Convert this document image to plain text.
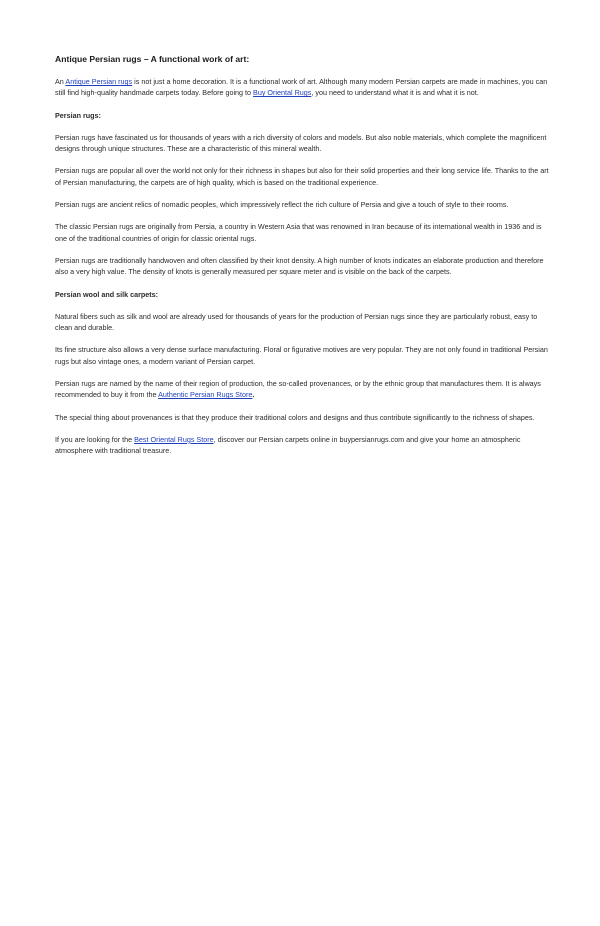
Antique Persian rugs – A functional work of art:

An Antique Persian rugs is not just a home decoration. It is a functional work of art. Although many modern Persian carpets are made in machines, you can still find high-quality handmade carpets today. Before going to Buy Oriental Rugs, you need to understand what it is and what it is not.

Persian rugs:

Persian rugs have fascinated us for thousands of years with a rich diversity of colors and models. But also noble materials, which complete the magnificent designs through unique structures. These are a characteristic of this mineral wealth.

Persian rugs are popular all over the world not only for their richness in shapes but also for their solid properties and their long service life. Thanks to the art of Persian manufacturing, the carpets are of high quality, which is based on the traditional experience.

Persian rugs are ancient relics of nomadic peoples, which impressively reflect the rich culture of Persia and give a touch of style to their rooms.

The classic Persian rugs are originally from Persia, a country in Western Asia that was renowned in Iran because of its international wealth in 1936 and is one of the traditional countries of origin for classic oriental rugs.

Persian rugs are traditionally handwoven and often classified by their knot density. A high number of knots indicates an elaborate production and therefore also a very high value. The density of knots is generally measured per square meter and is visible on the back of the carpets.

Persian wool and silk carpets:

Natural fibers such as silk and wool are already used for thousands of years for the production of Persian rugs since they are particularly robust, easy to clean and durable.

Its fine structure also allows a very dense surface manufacturing. Floral or figurative motives are very popular. They are not only found in traditional Persian rugs but also vintage ones, a modern variant of Persian carpet.

Persian rugs are named by the name of their region of production, the so-called provenances, or by the ethnic group that manufactures them. It is always recommended to buy it from the Authentic Persian Rugs Store.

The special thing about provenances is that they produce their traditional colors and designs and thus contribute significantly to the richness of shapes.

If you are looking for the Best Oriental Rugs Store, discover our Persian carpets online in buypersianrugs.com and give your home an atmospheric atmosphere with traditional treasure.
